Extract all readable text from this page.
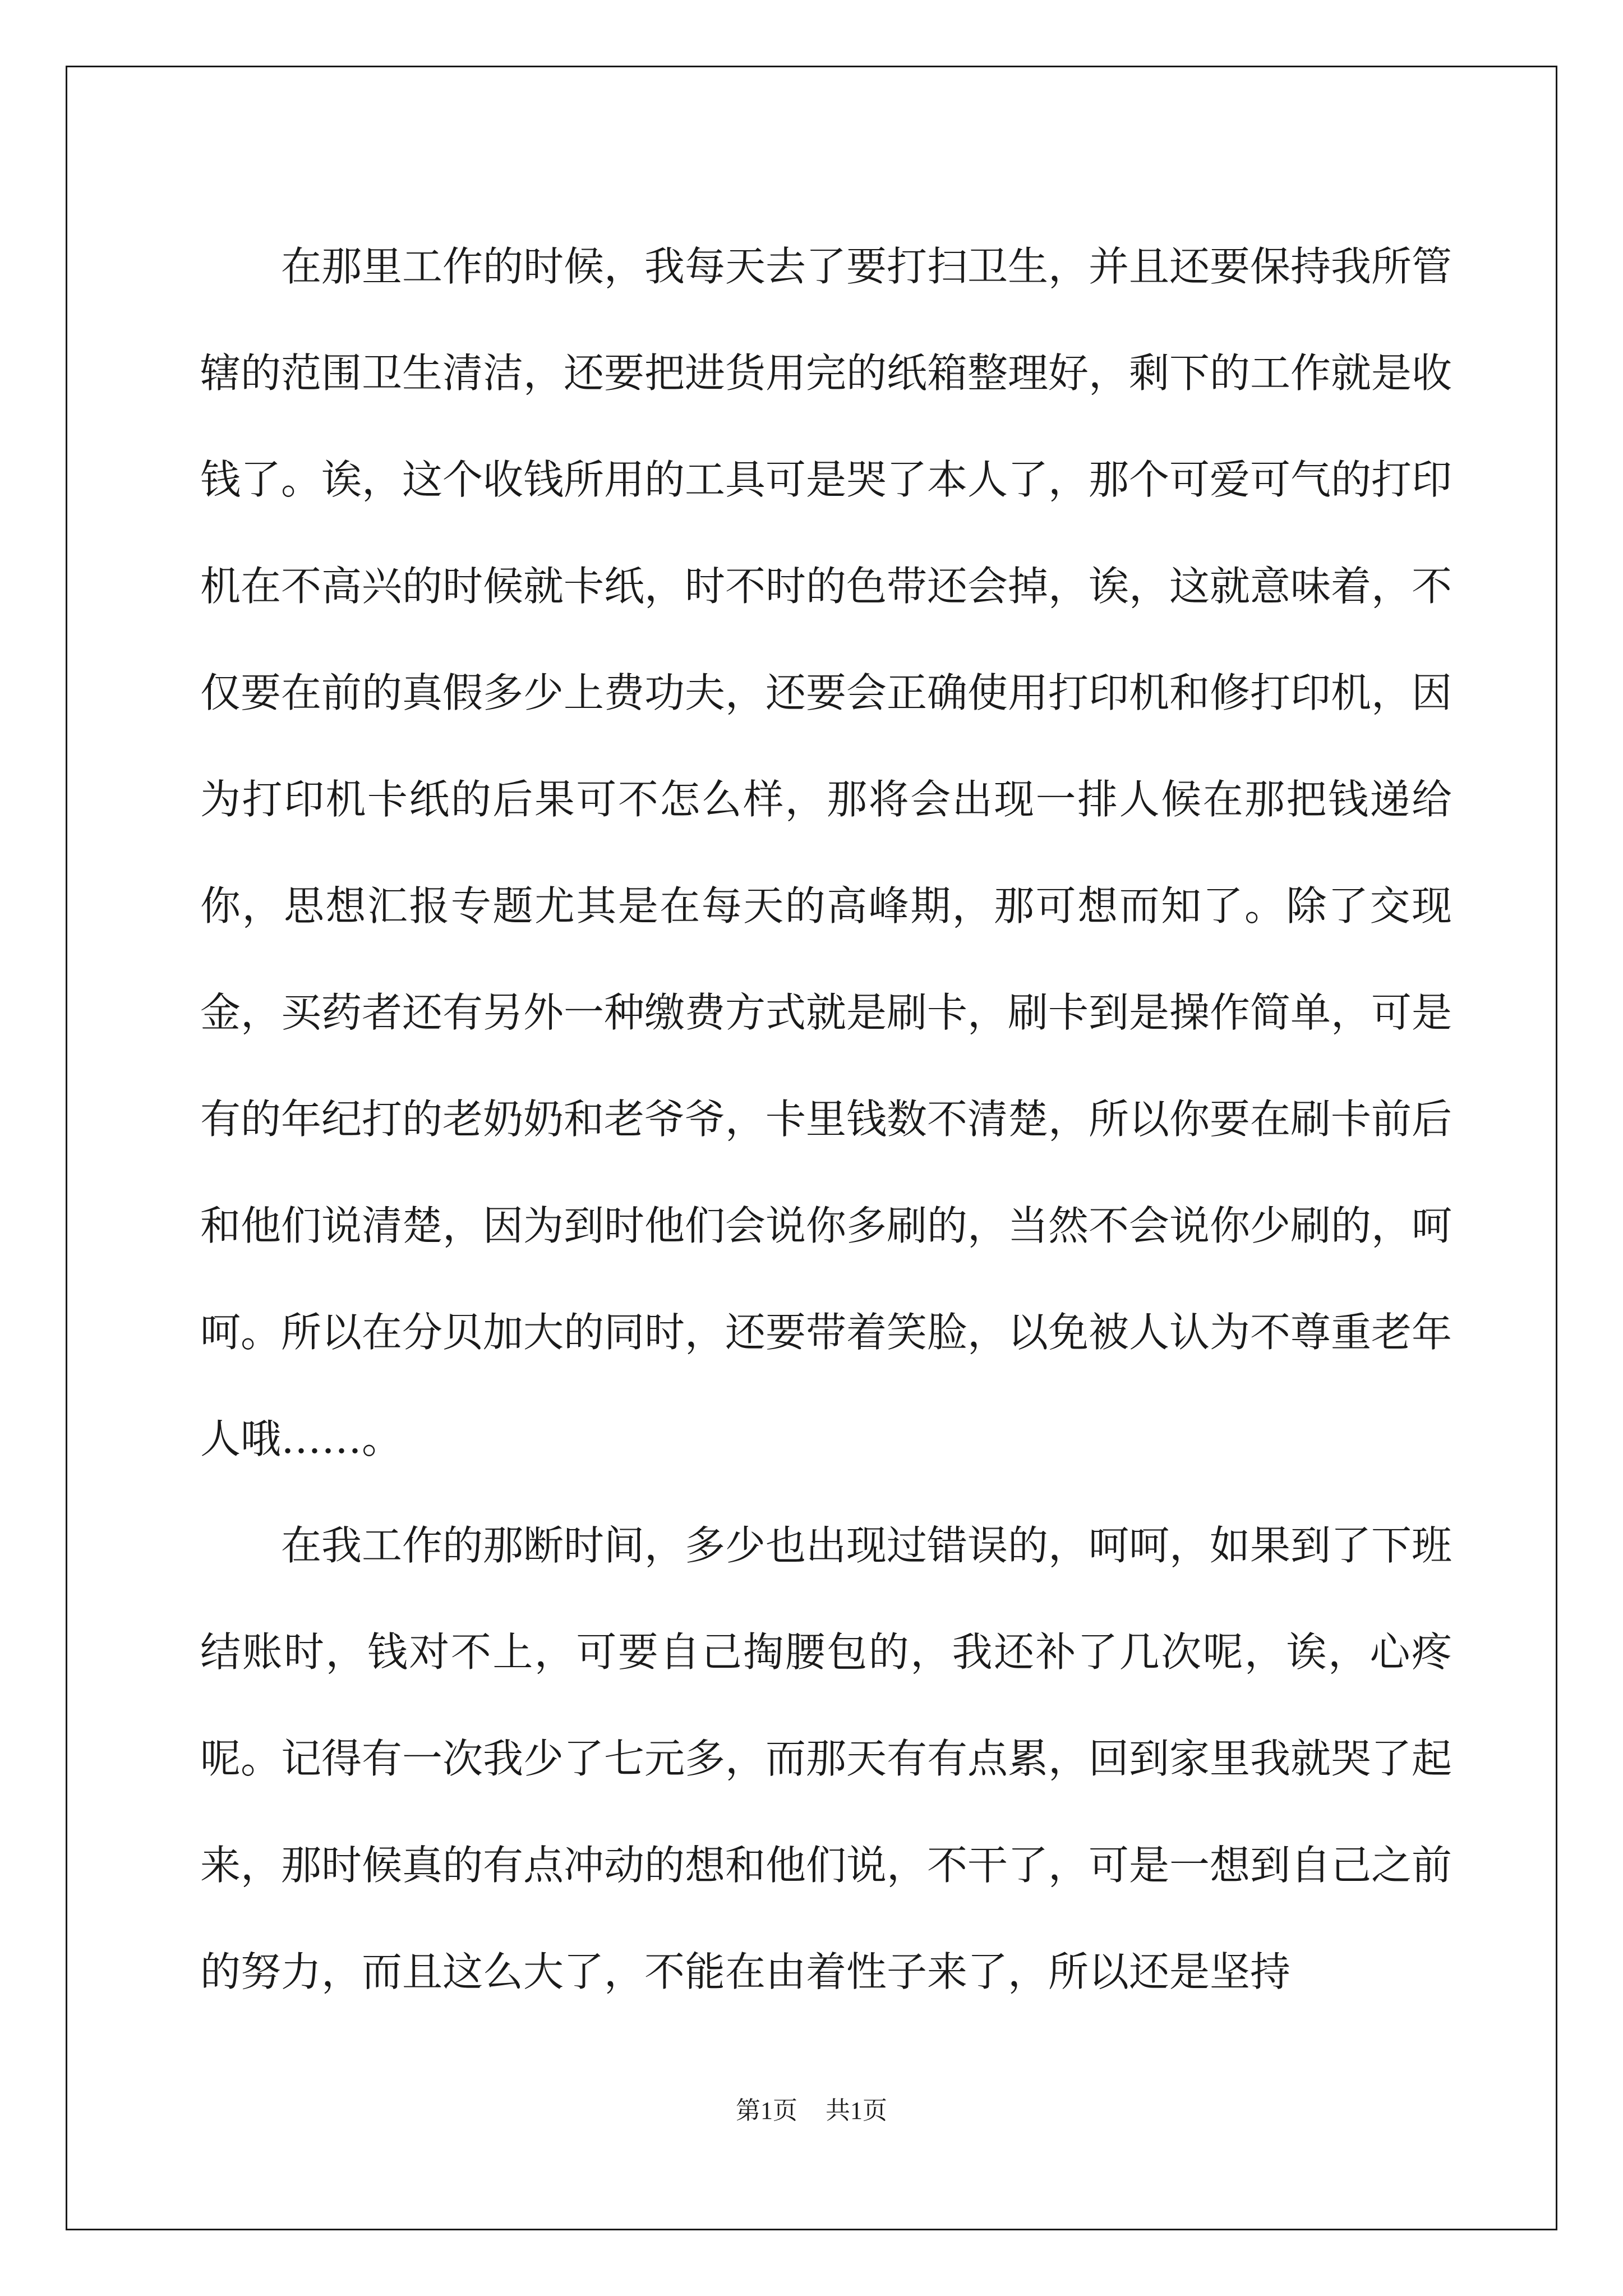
在那里工作的时候，我每天去了要打扫卫生，并且还要保持我所管辖的范围卫生清洁，还要把进货用完的纸箱整理好，剩下的工作就是收钱了。诶，这个收钱所用的工具可是哭了本人了，那个可爱可气的打印机在不高兴的时候就卡纸，时不时的色带还会掉，诶，这就意味着，不仅要在前的真假多少上费功夫，还要会正确使用打印机和修打印机，因为打印机卡纸的后果可不怎么样，那将会出现一排人候在那把钱递给你，思想汇报专题尤其是在每天的高峰期，那可想而知了。除了交现金，买药者还有另外一种缴费方式就是刷卡，刷卡到是操作简单，可是有的年纪打的老奶奶和老爷爷，卡里钱数不清楚，所以你要在刷卡前后和他们说清楚，因为到时他们会说你多刷的，当然不会说你少刷的，呵呵。所以在分贝加大的同时，还要带着笑脸，以免被人认为不尊重老年人哦……。

在我工作的那断时间，多少也出现过错误的，呵呵，如果到了下班结账时，钱对不上，可要自己掏腰包的，我还补了几次呢，诶，心疼呢。记得有一次我少了七元多，而那天有有点累，回到家里我就哭了起来，那时候真的有点冲动的想和他们说，不干了，可是一想到自己之前的努力，而且这么大了，不能在由着性子来了，所以还是坚持

第1页 共1页
